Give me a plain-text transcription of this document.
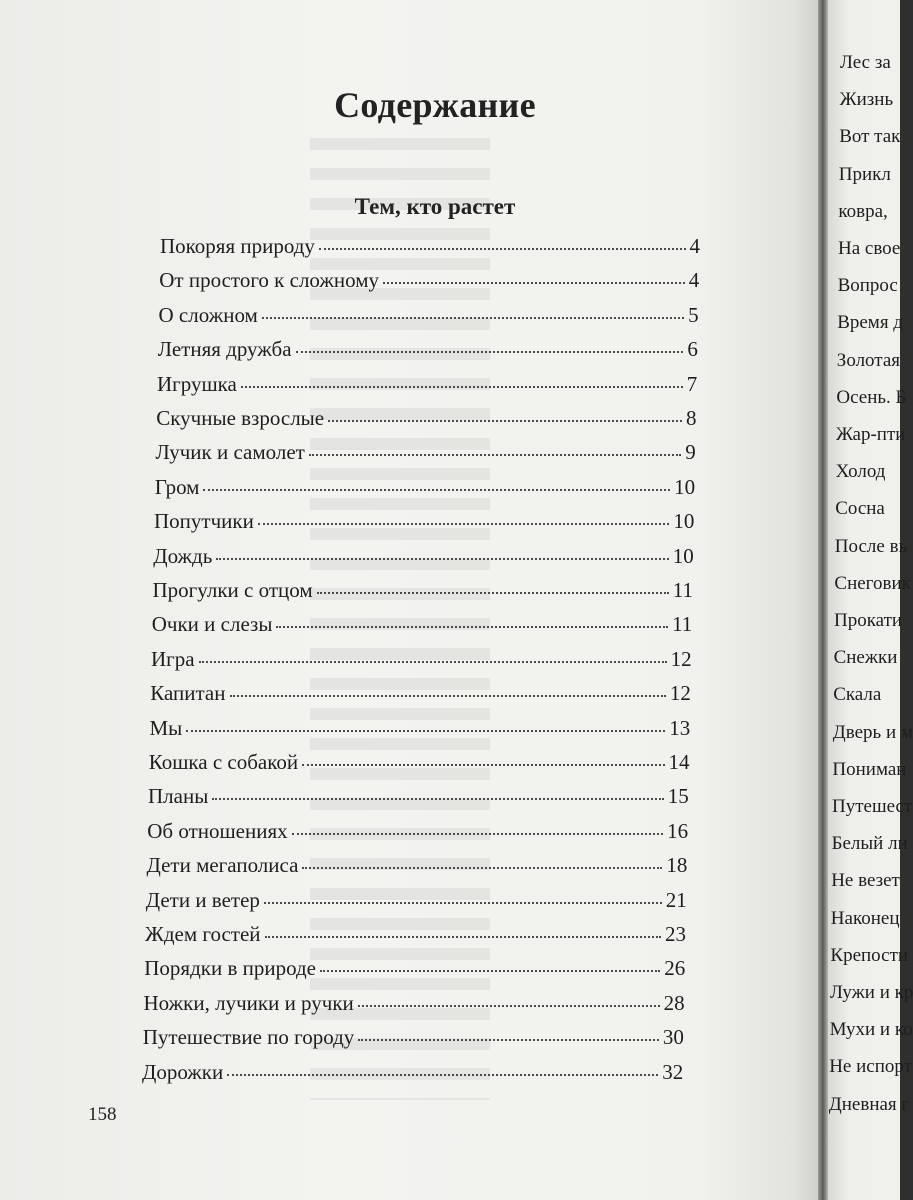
Содержание
Тем, кто растет
Покоряя природу	4
От простого к сложному	4
О сложном	5
Летняя дружба	6
Игрушка	7
Скучные взрослые	8
Лучик и самолет	9
Гром	10
Попутчики	10
Дождь	10
Прогулки с отцом	11
Очки и слезы	11
Игра	12
Капитан	12
Мы	13
Кошка с собакой	14
Планы	15
Об отношениях	16
Дети мегаполиса	18
Дети и ветер	21
Ждем гостей	23
Порядки в природе	26
Ножки, лучики и ручки	28
Путешествие по городу	30
Дорожки	32
158
Лес за
Жизнь
Вот так
Прикл
ковра,
На свое
Вопрос
Время д
Золотая
Осень. Б
Жар-пти
Холод
Сосна
После вь
Снеговик
Прокати
Снежки
Скала
Дверь и м
Пониман
Путешест
Белый ли
Не везет
Наконец
Крепости
Лужи и кр
Мухи и ко
Не испорт
Дневная г
